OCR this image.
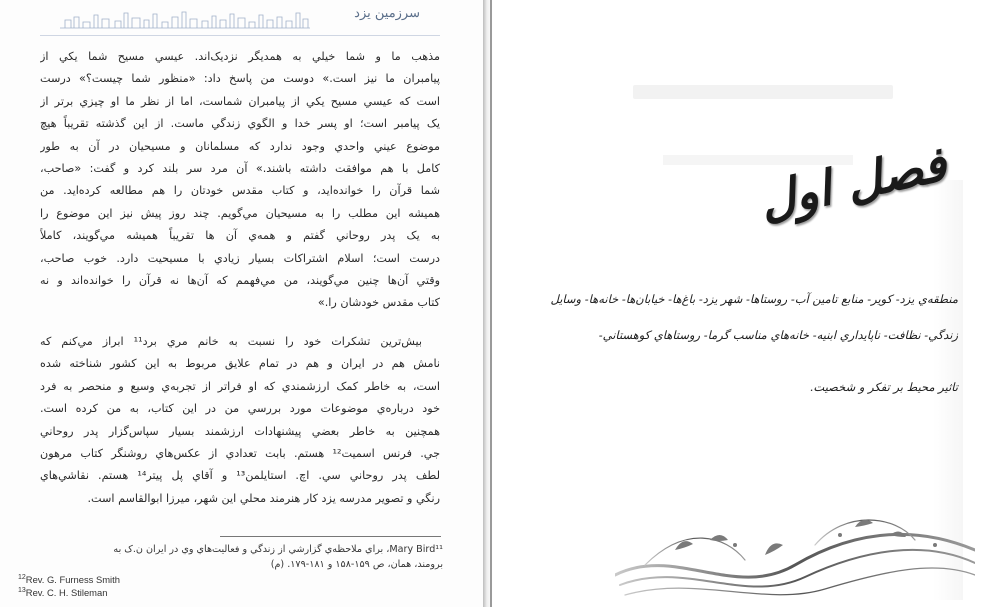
سرزمين يزد
مذهب ما و شما خيلي به همديگر نزديک‌اند. عيسي مسيح شما يکي از
پيامبران ما نيز است.» دوست من پاسخ داد: «منظور شما چيست؟» درست
است که عيسي مسيح يکي از پيامبران شماست، اما از نظر ما او چيزي برتر از
يک پيامبر است؛ او پسر خدا و الگوي زندگي ماست. از اين گذشته تقريباً هيچ
موضوع عيني واحدي وجود ندارد که مسلمانان و مسيحيان در آن به طور
کامل با هم موافقت داشته باشند.» آن مرد سر بلند کرد و گفت: «صاحب،
شما قرآن را خوانده‌ايد، و کتاب مقدس خودتان را هم مطالعه کرده‌ايد. من
هميشه اين مطلب را به مسيحيان مي‌گويم. چند روز پيش نيز اين موضوع را
به يک پدر روحاني گفتم و همه‌ي آن ها تقريباً هميشه مي‌گويند، کاملاً
درست است؛ اسلام اشتراکات بسيار زيادي با مسيحيت دارد. خوب صاحب،
وقتي آن‌ها چنين مي‌گويند، من مي‌فهمم که آن‌ها نه قرآن را خوانده‌اند و نه
کتاب مقدس خودشان را.»
بيش‌ترين تشکرات خود را نسبت به خانم مري برد¹¹ ابراز مي‌کنم که
نامش هم در ايران و هم در تمام علايق مربوط به اين کشور شناخته شده
است، به خاطر کمک ارزشمندي که او فراتر از تجربه‌ي وسيع و منحصر به فرد
خود درباره‌ي موضوعات مورد بررسي من در اين کتاب، به من کرده است.
همچنين به خاطر بعضي پيشنهادات ارزشمند بسيار سپاس‌گزار پدر روحاني
جي. فرنس اسميت¹² هستم. بابت تعدادي از عکس‌هاي روشنگر کتاب مرهون
لطف پدر روحاني سي. اچ. استايلمن¹³ و آقاي پل پيتر¹⁴ هستم. نقاشي‌هاي
رنگي و تصوير مدرسه يزد کار هنرمند محلي اين شهر، ميرزا ابوالقاسم است.
Mary Bird¹¹، براي ملاحظه‌ي گزارشي از زندگي و فعاليت‌هاي وي در ايران ن.ک به
برومند، همان، ص ۱۵۹-۱۵۸ و ۱۸۱-۱۷۹. (م)
$^{12}$Rev. G. Furness Smith
$^{13}$Rev. C. H. Stileman
فصل اول
منطقه‌ي يزد- کوير- منابع تامين آب- روستاها- شهر يزد- باغ‌ها- خيابان‌ها- خانه‌ها- وسايل
زندگي- نظافت- ناپايداري ابنيه- خانه‌هاي مناسب گرما- روستاهاي کوهستاني-
تاثير محيط بر تفکر و شخصيت.
